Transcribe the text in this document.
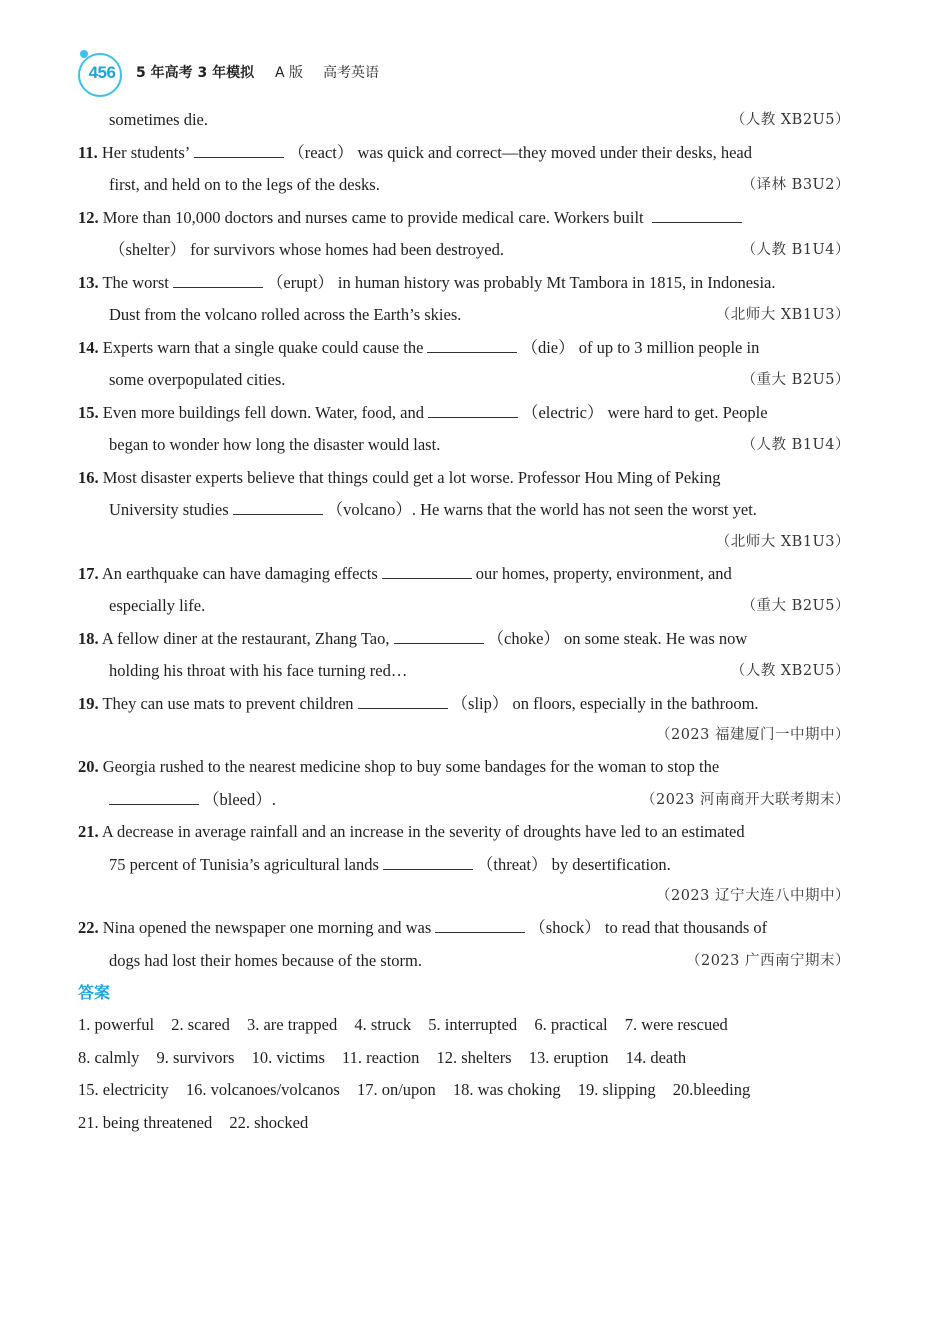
456	5 年高考 3 年模拟 A 版 高考英语
sometimes die.	（人教 XB2U5）
11. Her students’	（react） was quick and correct—they moved under their desks, head
first, and held on to the legs of the desks.	（译林 B3U2）
12. More than 10,000 doctors and nurses came to provide medical care. Workers built
（shelter） for survivors whose homes had been destroyed.	（人教 B1U4）
13. The worst	（erupt） in human history was probably Mt Tambora in 1815, in Indonesia.
Dust from the volcano rolled across the Earth’s skies.	（北师大 XB1U3）
14. Experts warn that a single quake could cause the	（die） of up to 3 million people in
some overpopulated cities.	（重大 B2U5）
15. Even more buildings fell down. Water, food, and	（electric） were hard to get. People
began to wonder how long the disaster would last.	（人教 B1U4）
16. Most disaster experts believe that things could get a lot worse. Professor Hou Ming of Peking
University studies	（volcano）. He warns that the world has not seen the worst yet.
（北师大 XB1U3）
17. An earthquake can have damaging effects	our homes, property, environment, and
especially life.	（重大 B2U5）
18. A fellow diner at the restaurant, Zhang Tao,	（choke） on some steak. He was now
holding his throat with his face turning red…	（人教 XB2U5）
19. They can use mats to prevent children	（slip） on floors, especially in the bathroom.
（2023 福建厦门一中期中）
20. Georgia rushed to the nearest medicine shop to buy some bandages for the woman to stop the
（bleed）.	（2023 河南商开大联考期末）
21. A decrease in average rainfall and an increase in the severity of droughts have led to an estimated
75 percent of Tunisia’s agricultural lands	（threat） by desertification.
（2023 辽宁大连八中期中）
22. Nina opened the newspaper one morning and was	（shock） to read that thousands of
dogs had lost their homes because of the storm.	（2023 广西南宁期末）
答案
1. powerful 2. scared 3. are trapped 4. struck 5. interrupted 6. practical 7. were rescued
8. calmly 9. survivors 10. victims 11. reaction 12. shelters 13. eruption 14. death
15. electricity 16. volcanoes/volcanos 17. on/upon 18. was choking 19. slipping 20.bleeding
21. being threatened 22. shocked
